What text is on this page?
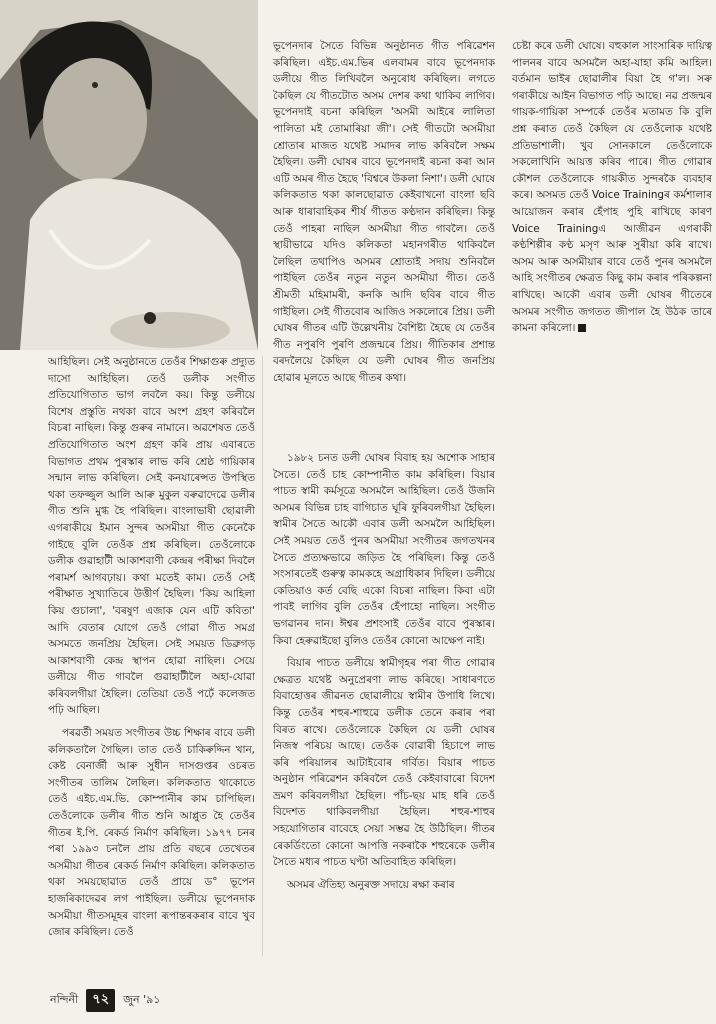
আহিছিল। সেই অনুষ্ঠানতে তেওঁৰ শিক্ষাগুৰু প্ৰদ্যুত দাসো আহিছিল। তেওঁ ডলীক সংগীত প্ৰতিযোগিতাত ভাগ লবলৈ কয়। কিন্তু ডলীয়ে বিশেষ প্ৰস্তুতি নথকা বাবে অংশ গ্ৰহণ কৰিবলৈ বিচৰা নাছিল। কিন্তু গুৰুৰ নামানে। অৱশেষত তেওঁ প্ৰতিযোগিতাত অংশ গ্ৰহণ কৰি প্ৰায় এবাৰতে বিভাগত প্ৰথম পুৰস্কাৰ লাভ কৰি শ্ৰেষ্ঠ গায়িকাৰ সন্মান লাভ কৰিছিল। সেই কনযাৰেন্সত উপস্থিত থকা তফজ্জুল আলি আৰু মুকুল বৰুৱাদেৱে ডলীৰ গীত শুনি মুগ্ধ হৈ পৰিছিল। বাংলাভাষী ছোৱালী এগৰাকীয়ে ইমান সুন্দৰ অসমীয়া গীত কেনেকৈ গাইছে বুলি তেওঁক প্ৰশ্ন কৰিছিল। তেওঁলোকে ডলীক গুৱাহাটী আকাশবাণী কেন্দ্ৰৰ পৰীক্ষা দিবলৈ পৰামৰ্শ আগবঢ়ায়। কথা মতেই কাম। তেওঁ সেই পৰীক্ষাত সুখ্যাতিৰে উত্তীৰ্ণ হৈছিল। 'কিয় আহিলা কিয় গুচালা', 'বৰষুণ এজাক যেন এটি কবিতা' আদি বেতাৰ যোগে তেওঁ গোৱা গীত সমগ্ৰ অসমতে জনপ্ৰিয় হৈছিল। সেই সময়ত ডিব্ৰুগড় আকাশবাণী কেন্দ্ৰ স্থাপন হোৱা নাছিল। সেয়ে ডলীয়ে গীত গাবলৈ গুৱাহাটীলৈ অহা-যোৱা কৰিবলগীয়া হৈছিল। তেতিয়া তেওঁ পঢ়েঁ কলেজত পঢ়ি আছিল।

পৰৱৰ্তী সময়ত সংগীতৰ উচ্চ শিক্ষাৰ বাবে ডলী কলিকতালৈ গৈছিল। তাত তেওঁ চাকিৰুদ্দিন খান, কেষ্ট বেনাৰ্জী আৰু সুধীন দাসগুপ্তৰ ওচৰত সংগীতৰ তালিম লৈছিল। কলিকতাত থাকোতে তেওঁ এইচ.এম.ভি. কোম্পানীৰ কাম চাপিছিল। তেওঁলোকে ডলীৰ গীত শুনি আপ্লুত হৈ তেওঁৰ গীতৰ ই.পি. ৰেকৰ্ড নিৰ্মাণ কৰিছিল। ১৯৭৭ চনৰ পৰা ১৯৯৩ চনলৈ প্ৰায় প্ৰতি বছৰে তেখেতৰ অসমীয়া গীতৰ ৰেকৰ্ড নিৰ্মাণ কৰিছিল। কলিকতাত থকা সময়ছোৱাত তেওঁ প্ৰায়ে ড° ভূপেন হাজৰিকাদেৱৰ লগ পাইছিল। ডলীয়ে ভূপেনদাক অসমীয়া গীতসমূহৰ বাংলা ৰূপান্তৰকৰাৰ বাবে খুব জোৰ কৰিছিল। তেওঁ

ভূপেনদাৰ সৈতে বিভিন্ন অনুষ্ঠানত গীত পৰিৱেশন কৰিছিল। এইচ.এম.ভিৰ এলবামৰ বাবে ভূপেনদাক ডলীয়ে গীত লিখিবলৈ অনুৰোধ কৰিছিল। লগতে কৈছিল যে গীতটোত অসম দেশৰ কথা থাকিব লাগিব। ভূপেনদাই বচনা কৰিছিল 'অসমী আইৰে লালিতা পালিতা মই তোমাৰিয়া জী'। সেই গীতটো অসমীয়া শ্ৰোতাৰ মাজত যথেষ্ট সমাদৰ লাভ কৰিবলৈ সক্ষম হৈছিল। ডলী ঘোষৰ বাবে ভূপেনদাই ৰচনা কৰা আন এটি অমৰ গীত হৈছে 'বিশ্বৰে উকলা নিশা'। ডলী ঘোষে কলিকতাত থকা কালছোৱাত কেইবাখনো বাংলা ছবি আৰু ধাৰাবাহিকৰ শীৰ্ষ গীতত কণ্ঠদান কৰিছিল। কিন্তু তেওঁ পাহৰা নাছিল অসমীয়া গীত গাবলৈ। তেওঁ স্থায়ীভাৱে যদিও কলিকতা মহানগৰীত থাকিবলৈ লৈছিল তথাপিও অসমৰ শ্ৰোতাই সদায় শুনিবলৈ পাইছিল তেওঁৰ নতুন নতুন অসমীয়া গীত। তেওঁ শ্ৰীমতী মহিমামৰী, কনকি আদি ছবিৰ বাবে গীত গাইছিল। সেই গীতবোৰ আজিও সকলোৰে প্ৰিয়। ডলী ঘোষৰ গীতৰ এটি উল্লেখনীয় বৈশিষ্ট্য হৈছে যে তেওঁৰ গীত নপুৰণি পুৰণি প্ৰজন্মৰে প্ৰিয়। গীতিকাৰ প্ৰশান্ত বৰদলৈয়ে কৈছিল যে ডলী ঘোষৰ গীত জনপ্ৰিয় হোৱাৰ মূলতে আছে গীতৰ কথা।

১৯৮২ চনত ডলী ঘোষৰ বিবাহ হয় অশোক সাহাৰ সৈতে। তেওঁ চাহ কোম্পানীত কাম কৰিছিল। বিয়াৰ পাচত স্বামী কৰ্মসূত্ৰে অসমলৈ আহিছিল। তেওঁ উজনি অসমৰ বিভিন্ন চাহ বাগিচাত ঘূৰি ফুৰিবলগীয়া হৈছিল। স্বামীৰ সৈতে আকৌ এবাৰ ডলী অসমলৈ আহিছিল। সেই সময়ত তেওঁ পুনৰ অসমীয়া সংগীতৰ জগতখনৰ সৈতে প্ৰত্যক্ষভাৱে জড়িত হৈ পৰিছিল। কিন্তু তেওঁ সংসাৰতেই গুৰুত্ব কামকহে অগ্ৰাধিকাৰ দিছিল। ডলীয়ে কেতিয়াও কৰ্ত বেছি একো বিচৰা নাছিল। কিবা এটা পাবই লাগিব বুলি তেওঁৰ হেঁপাহো নাছিল। সংগীত ভগৱানৰ দান। ঈশ্বৰ প্ৰশংসাই তেওঁৰ বাবে পুৰস্কাৰ। কিবা হেৰুৱাইছো বুলিও তেওঁৰ কোনো আক্ষেপ নাই।

বিয়াৰ পাচত ডলীয়ে স্বামীগৃহৰ পৰা গীত গোৱাৰ ক্ষেত্ৰত যথেষ্ট অনুপ্ৰেৰণা লাভ কৰিছে। সাধাৰণতে বিবাহোত্তৰ জীৱনত ছোৱালীয়ে স্বামীৰ উপাধি লিখে। কিন্তু তেওঁৰ শহুৰ-শাহুৱে ডলীক তেনে কৰাৰ পৰা বিৰত ৰাখে। তেওঁলোকে কৈছিল যে ডলী ঘোষৰ নিজস্ব পৰিচয় আছে। তেওঁক বোৱাৰী হিচাপে লাভ কৰি পৰিয়ালৰ আটাইবোৰ গৰ্বিত। বিয়াৰ পাচত অনুষ্ঠান পৰিৱেশন কৰিবলৈ তেওঁ কেইবাবাৰো বিদেশ ভ্ৰমণ কৰিবলগীয়া হৈছিল। পাঁচ-ছয় মাহ ধৰি তেওঁ বিদেশত থাকিবলগীয়া হৈছিল। শহুৰ-শাহুৰ সহযোগিতাৰ বাবেহে সেয়া সম্ভৱ হৈ উঠিছিল। গীতৰ ৰেকৰ্ডিংতো কোনো আপত্তি নকৰাকৈ শহুৰেকে ডলীৰ সৈতে মধ্যৰ পাচত ঘণ্টা অতিবাহিত কৰিছিল।

অসমৰ ঐতিহ্য অনুৰক্ত সদায়ে ৰক্ষা কৰাৰ

চেষ্টা কৰে ডলী ঘোষে। বহুকাল সাংসাৰিক দায়িত্ব পালনৰ বাবে অসমলৈ অহা-যাহা কমি আহিল। বৰ্তমান ভাইৰ ছোৱালীৰ বিয়া হৈ গ'ল। সৰু গৰাকীয়ে আইন বিভাগত পঢ়ি আছে। নৱ প্ৰজন্মৰ গায়ক-গায়িকা সম্পৰ্কে তেওঁৰ মতামত কি বুলি প্ৰশ্ন কৰাত তেওঁ কৈছিল যে তেওঁলোক যথেষ্ট প্ৰতিভাশালী। খুব সোনকালে তেওঁলোকে সকলোখিনি আয়ত্ত কৰিব পাৰে। গীত গোৱাৰ কৌশল তেওঁলোকে গায়কীত সুন্দৰকৈ ব্যবহাৰ কৰে। অসমত তেওঁ Voice Trainingৰ কৰ্মশালাৰ আয়োজন কৰাৰ হেঁপাহ পুহি ৰাখিছে কাৰণ Voice Trainingএ আজীৱন এগৰাকী কণ্ঠশিল্পীৰ কণ্ঠ মসৃণ আৰু সুৰীয়া কৰি ৰাখে। অসম আৰু অসমীয়াৰ বাবে তেওঁ পুনৰ অসমলৈ আহি সংগীতৰ ক্ষেত্ৰত কিছু কাম কৰাৰ পৰিকল্পনা ৰাখিছে। আকৌ এবাৰ ডলী ঘোষৰ গীতেৰে অসমৰ সংগীত জগতত জীপাল হৈ উঠক তাৰে কামনা কৰিলো।

নন্দিনী	৭২	জুন '৯১
